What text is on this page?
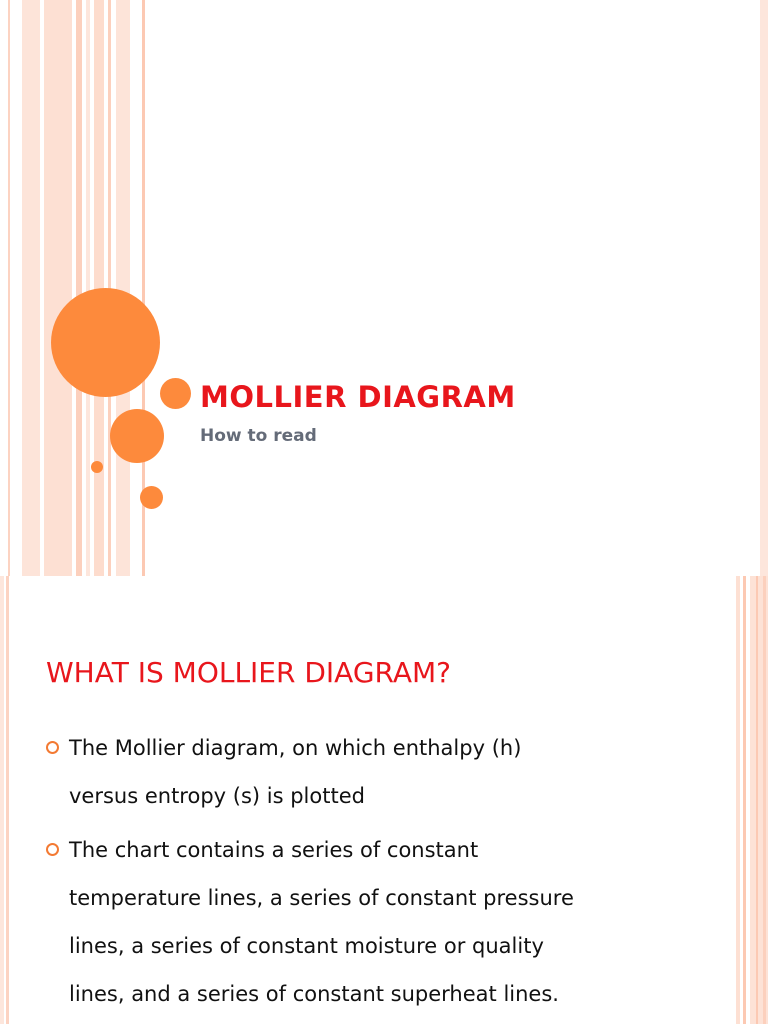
MOLLIER DIAGRAM
How to read
WHAT IS MOLLIER DIAGRAM?
The Mollier diagram, on which enthalpy (h)
versus entropy (s) is plotted
The chart contains a series of constant
temperature lines, a series of constant pressure
lines, a series of constant moisture or quality
lines, and a series of constant superheat lines.
